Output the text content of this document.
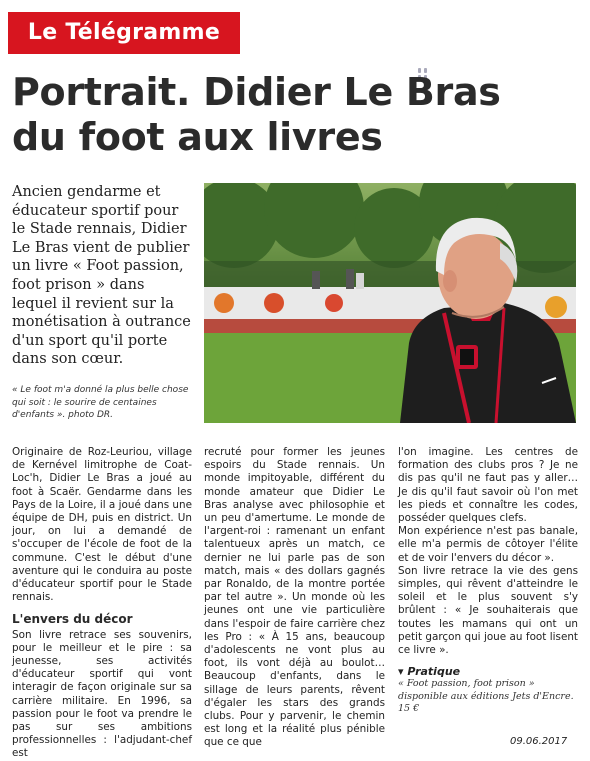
Le Télégramme
Portrait. Didier Le Bras
du foot aux livres
Ancien gendarme et éducateur sportif pour le Stade rennais, Didier Le Bras vient de publier un livre « Foot passion, foot prison » dans lequel il revient sur la monétisation à outrance d'un sport qu'il porte dans son cœur.
« Le foot m'a donné la plus belle chose qui soit : le sourire de centaines d'enfants ». photo DR.

Originaire de Roz-Leuriou, village de Kernével limitrophe de Coat-Loc'h, Didier Le Bras a joué au foot à Scaër. Gendarme dans les Pays de la Loire, il a joué dans une équipe de DH, puis en district. Un jour, on lui a demandé de s'occuper de l'école de foot de la commune. C'est le début d'une aventure qui le conduira au poste d'éducateur sportif pour le Stade rennais.

L'envers du décor

Son livre retrace ses souvenirs, pour le meilleur et le pire : sa jeunesse, ses activités d'éducateur sportif qui vont interagir de façon originale sur sa carrière militaire. En 1996, sa passion pour le foot va prendre le pas sur ses ambitions professionnelles : l'adjudant-chef est

recruté pour former les jeunes espoirs du Stade rennais. Un monde impitoyable, différent du monde amateur que Didier Le Bras analyse avec philosophie et un peu d'amertume. Le monde de l'argent-roi : ramenant un enfant talentueux après un match, ce dernier ne lui parle pas de son match, mais « des dollars gagnés par Ronaldo, de la montre portée par tel autre ». Un monde où les jeunes ont une vie particulière dans l'espoir de faire carrière chez les Pro : « À 15 ans, beaucoup d'adolescents ne vont plus au foot, ils vont déjà au boulot… Beaucoup d'enfants, dans le sillage de leurs parents, rêvent d'égaler les stars des grands clubs. Pour y parvenir, le chemin est long et la réalité plus pénible que ce que

l'on imagine. Les centres de formation des clubs pros ? Je ne dis pas qu'il ne faut pas y aller… Je dis qu'il faut savoir où l'on met les pieds et connaître les codes, posséder quelques clefs.

Mon expérience n'est pas banale, elle m'a permis de côtoyer l'élite et de voir l'envers du décor ».

Son livre retrace la vie des gens simples, qui rêvent d'atteindre le soleil et le plus souvent s'y brûlent : « Je souhaiterais que toutes les mamans qui ont un petit garçon qui joue au foot lisent ce livre ».

▾ Pratique

« Foot passion, foot prison » disponible aux éditions Jets d'Encre. 15 €

09.06.2017
